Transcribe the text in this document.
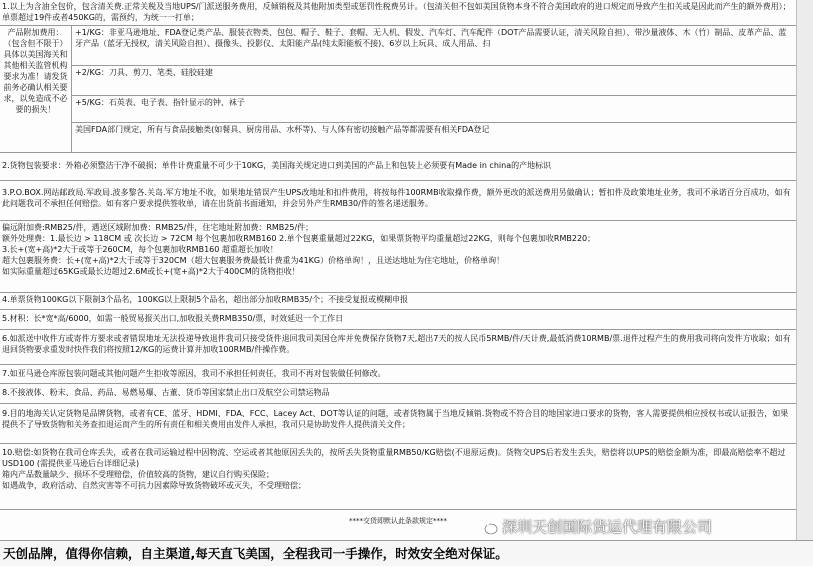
1.以上为含油全包价，包含清关费.正常关税及当地UPS/门派送服务费用，反倾销税及其他附加类型或惩罚性税费另计。（包清关但不包如美国货物本身不符合美国政府的进口规定而导致产生扣关或是因此而产生的额外费用）；单票超过19件或者450KG的，需预约，为统一一打单；
产品附加费用：（包含但不限于）具体以美国海关和其他相关监管机构要求为准！请发货前务必确认相关要求，以免造成不必要的损失！
+1/KG：非亚马逊地址、FDA登记类产品、服装衣物类、包包、帽子、鞋子、套帽、无人机、假发、汽车灯、汽车配件（DOT产品需要认证，清关风险自担）、带沙量液体、木（竹）制品、皮革产品、蓝牙产品（蓝牙无授权，清关风险自担）、摄像头、投影仪、太阳能产品(纯太阳能板不接)、6岁以上玩具、成人用品、扫
+2/KG：刀具、剪刀、笔类、硅胶硅建
+5/KG：石英表、电子表、指针显示的钟、袜子
美国FDA部门规定，所有与食品接触类(如餐具、厨房用品、水杯等)、与人体有密切接触产品等都需要有相关FDA登记
2.货物包装要求：外箱必须整洁干净不破损；单件计费重量不可少于10KG，美国海关规定进口到美国的产品上和包装上必须要有Made in china的产地标识
3.P.O.BOX.网站邮政局.军政局.波多黎各.关岛.军方地址不收，如果地址错误产生UPS改地址和扣件费用，将按每件100RMB收取操作费，额外更改的派送费用另做确认；暂扣件及政策地址业务，我司不承诺百分百成功，如有此问题我司不承担任何赔偿。如有客户要求提供签收单，请在出货前书面通知，并会另外产生RMB30/件的签名递送服务。
偏远附加费:RMB25/件，遇送区域附加费：RMB25/件，住宅地址附加费：RMB25/件；
额外处理费：1.最长边 > 118CM 或 次长边 > 72CM 每个包裹加收RMB160 2.单个包裹重量超过22KG，如果票货物平均重量超过22KG，则每个包裹加收RMB220；
3.长+(宽+高)*2大于或等于260CM，每个包裹加收RMB160 超重超长加收！
超大包裹服务费：长+(宽+高)*2大于或等于320CM（超大包裹服务费最低计费重为41KG）价格单询！，且送达地址为住宅地址，价格单询！
如实际重量超过65KG或最长边超过2.6M或长+(宽+高)*2大于400CM的货物拒收！
4.单票货物100KG以下限制3个品名，100KG以上限制5个品名，超出部分加收RMB35/个；不接受复报或模糊申报
5.材积：长*宽*高/6000，如需一般贸易报关出口,加收报关费RMB350/票，时效延迟一个工作日
6.如派送中收件方或寄件方要求或者错误地址无法投递导致退件我司只接受货件退回我司美国仓库并免费保存货物7天,超出7天的按人民币5RMB/件/天计费,最低消费10RMB/票.退件过程产生的费用我司将向发件方收取；如有退回货物要求重发时快件我们将按照12/KG的运费计算并加收100RMB/件操作费。
7.如亚马逊仓库原包装问题或其他问题产生拒收等原因，我司不承担任何责任，我司不再对包装做任何修改。
8.不接液体、粉末、食品、药品、易燃易爆、古董、货币等国家禁止出口及航空公司禁运物品
9.目的地海关认定货物是品牌货物，或者有CE、蓝牙、HDMI、FDA、FCC、Lacey Act、DOT等认证的问题，或者货物属于当地反倾销.货物或不符合目的地国家进口要求的货物，客人需要提供相应授权书或认证报告，如果提供不了导致货物和关务查扣退运而产生的所有责任和相关费用由发件人承担，我司只是协助发件人提供清关文件；
10.赔偿:如货物在我司仓库丢失，或者在我司运输过程中因物流、空运或者其他原因丢失的，按所丢失货物重量RMB50/KG赔偿(不退原运费)。货物交UPS后若发生丢失，赔偿将以UPS的赔偿金额为准，即最高赔偿率不超过USD100 (需提供亚马逊后台详细记录)
箱内产品数量缺少、损坏不受理赔偿，价值较高的货物，建议自行购买保险；
如遇战争，政府活动、自然灾害等不可抗力因素除导致货物破坏或灭失，不受理赔偿；
****交货即默认此条款规定****	深圳天创国际货运代理有限公司
天创品牌，值得你信赖，自主渠道,每天直飞美国，全程我司一手操作，时效安全绝对保证。
